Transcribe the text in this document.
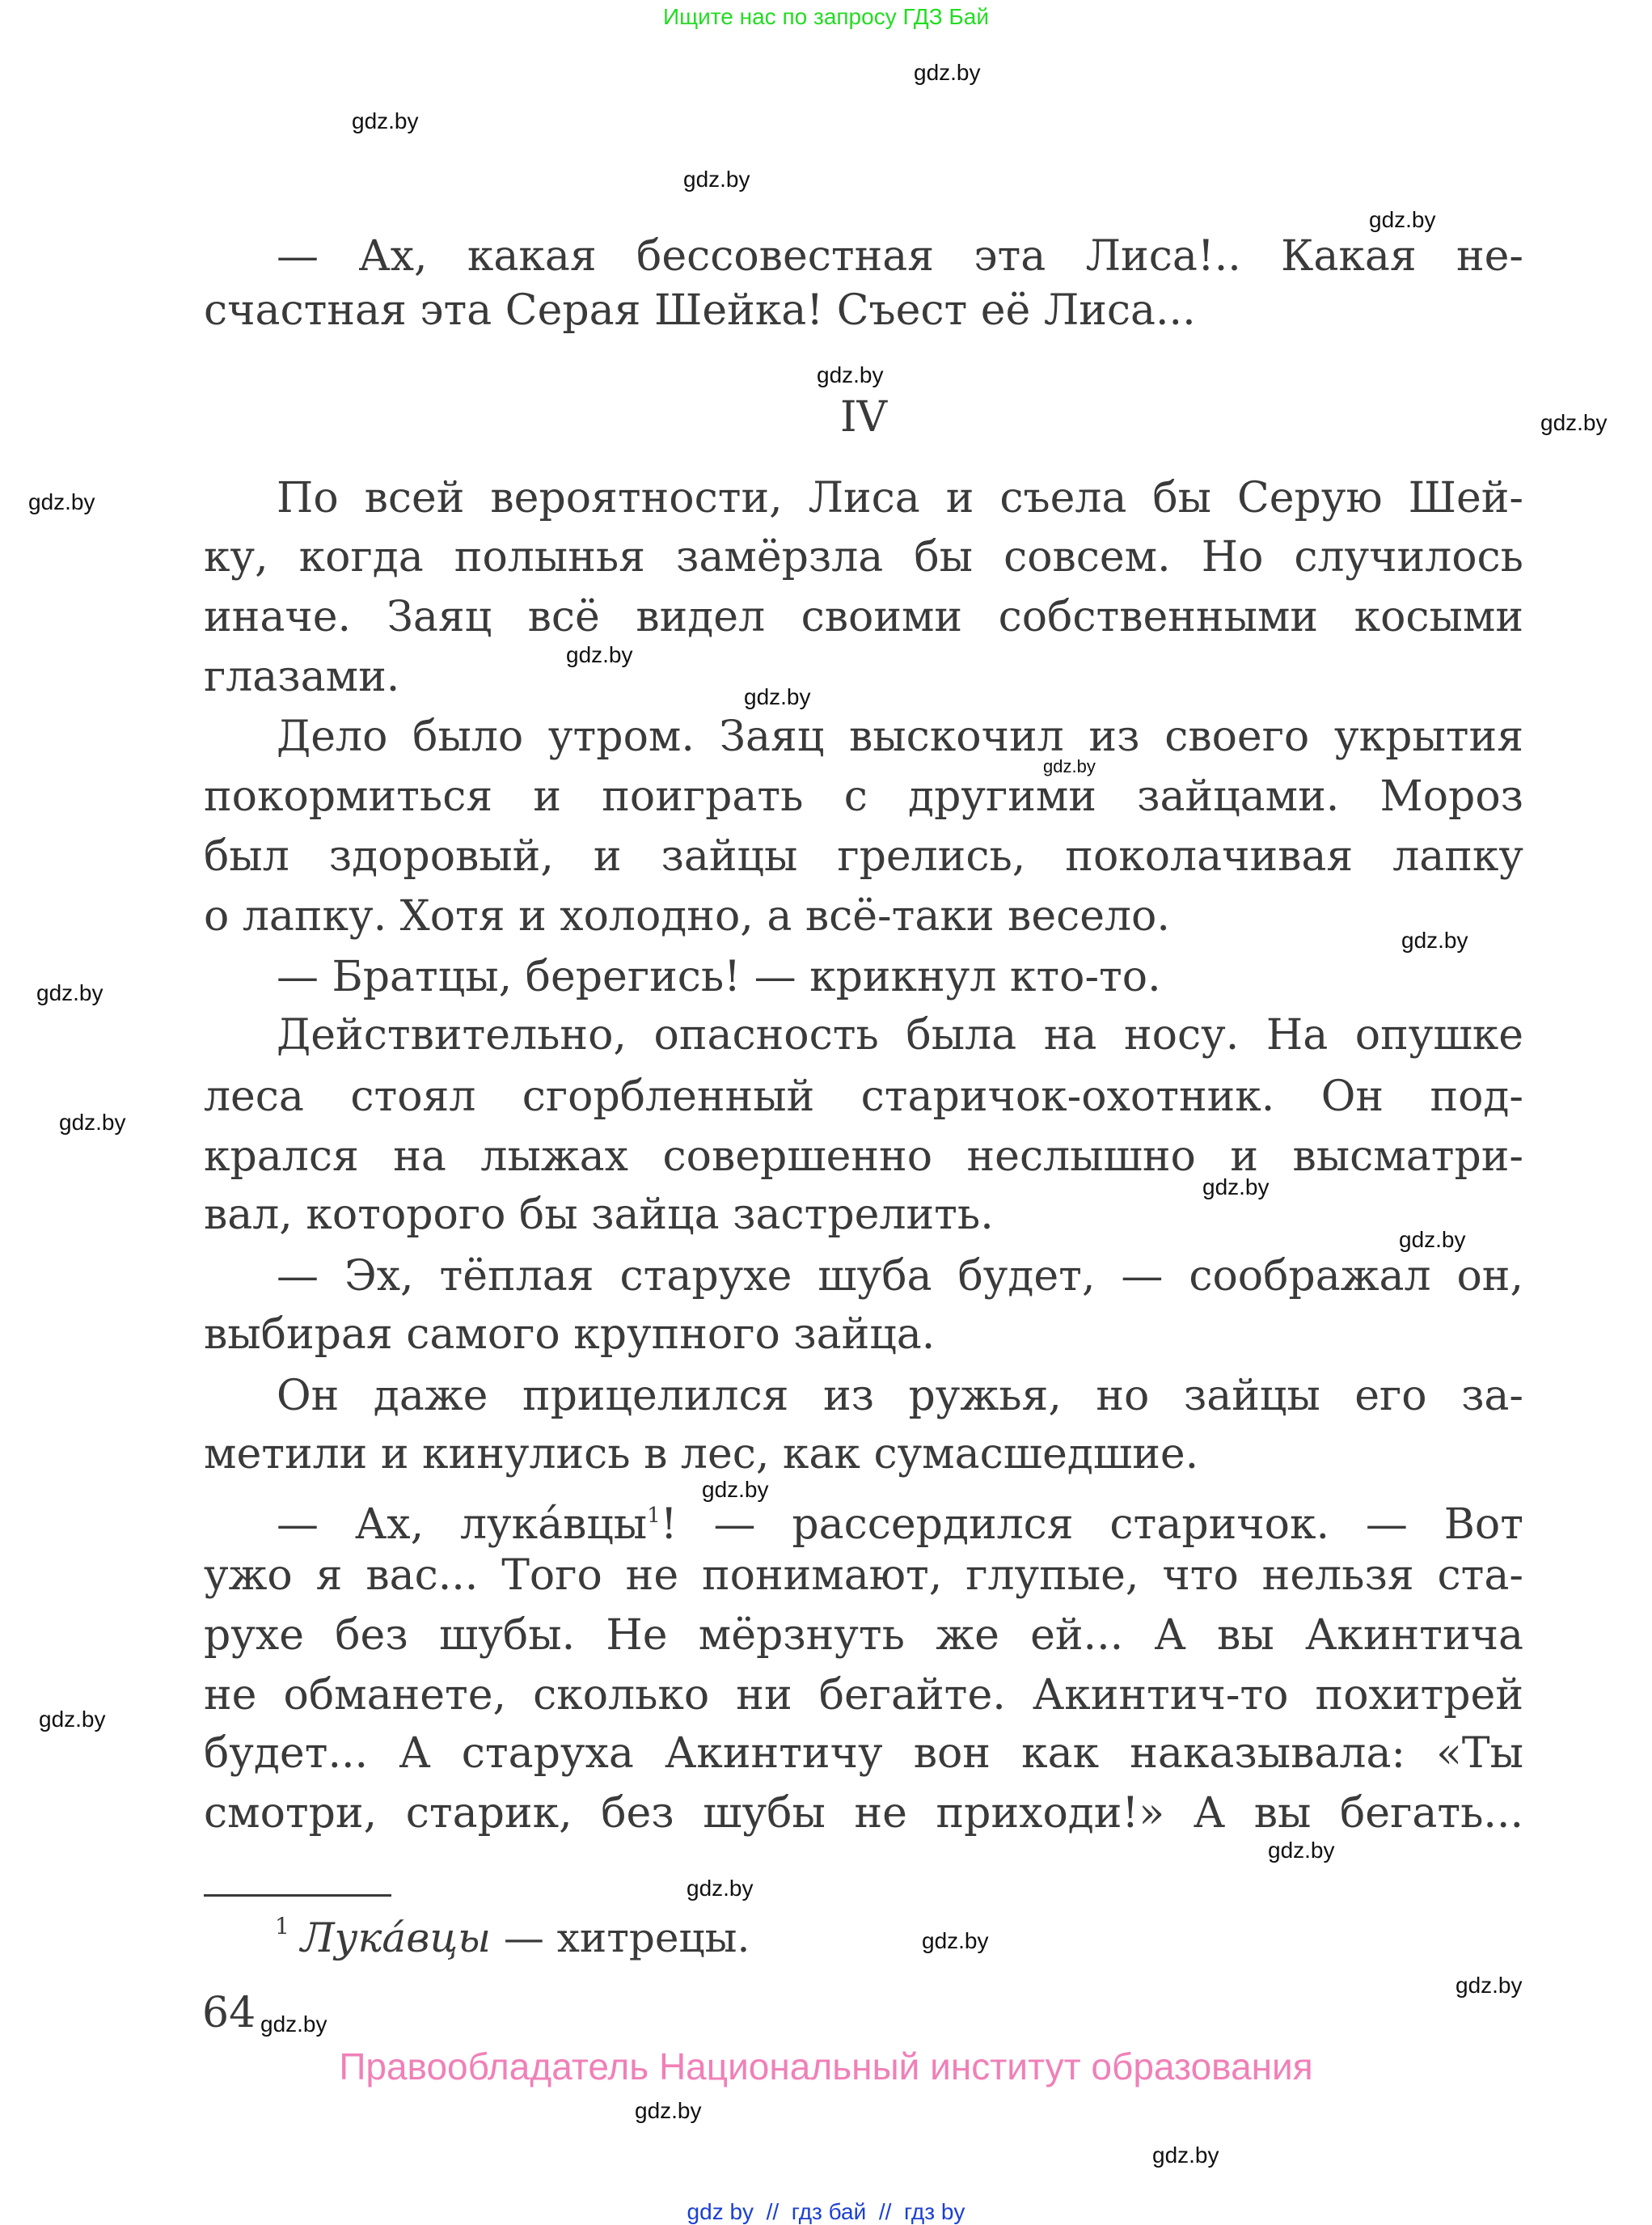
Ищите нас по запросу ГДЗ Бай
gdz.by
gdz.by
gdz.by
gdz.by
gdz.by
gdz.by
gdz.by
gdz.by
gdz.by
gdz.by
gdz.by
gdz.by
gdz.by
gdz.by
gdz.by
gdz.by
gdz.by
gdz.by
gdz.by
gdz.by
gdz.by
gdz.by
gdz.by
gdz.by
— Ах, какая бессовестная эта Лиса!.. Какая не-
счастная эта Серая Шейка! Съест её Лиса...
IV
По всей вероятности, Лиса и съела бы Серую Шей-
ку, когда полынья замёрзла бы совсем. Но случилось
иначе. Заяц всё видел своими собственными косыми
глазами.
Дело было утром. Заяц выскочил из своего укрытия
покормиться и поиграть с другими зайцами. Мороз
был здоровый, и зайцы грелись, поколачивая лапку
о лапку. Хотя и холодно, а всё-таки весело.
— Братцы, берегись! — крикнул кто-то.
Действительно, опасность была на носу. На опушке
леса стоял сгорбленный старичок-охотник. Он под-
крался на лыжах совершенно неслышно и высматри-
вал, которого бы зайца застрелить.
— Эх, тёплая старухе шуба будет, — соображал он,
выбирая самого крупного зайца.
Он даже прицелился из ружья, но зайцы его за-
метили и кинулись в лес, как сумасшедшие.
— Ах, лука́вцы$^1$! — рассердился старичок. — Вот
ужо я вас... Того не понимают, глупые, что нельзя ста-
рухе без шубы. Не мёрзнуть же ей... А вы Акинтича
не обманете, сколько ни бегайте. Акинтич-то похитрей
будет... А старуха Акинтичу вон как наказывала: «Ты
смотри, старик, без шубы не приходи!» А вы бегать...
$^1$ Лука́вцы — хитрецы.
64
Правообладатель Национальный институт образования
gdz by // гдз бай // гдз by
